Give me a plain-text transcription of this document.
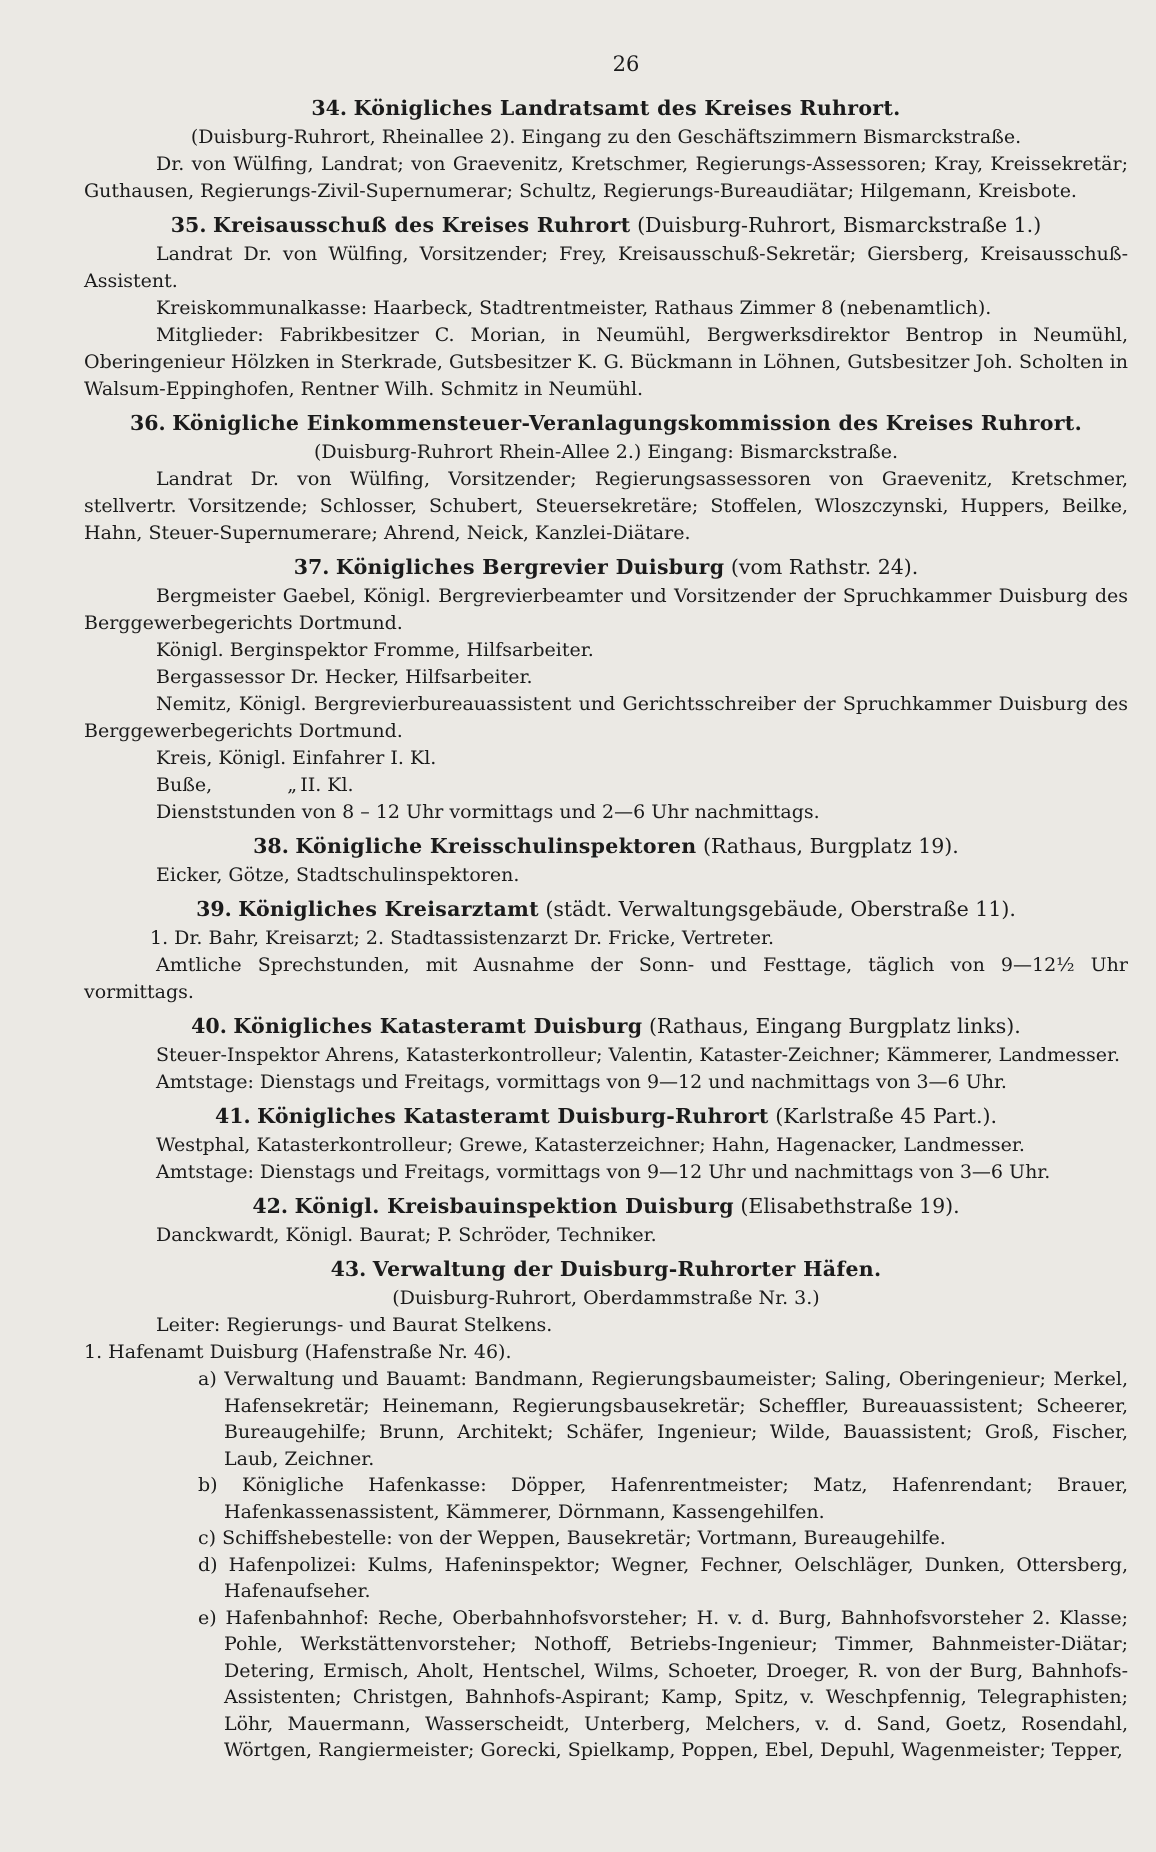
26
34. Königliches Landratsamt des Kreises Ruhrort.
(Duisburg-Ruhrort, Rheinallee 2). Eingang zu den Geschäftszimmern Bismarckstraße.

Dr. von Wülfing, Landrat; von Graevenitz, Kretschmer, Regierungs-Assessoren; Kray, Kreissekretär; Guthausen, Regierungs-Zivil-Supernumerar; Schultz, Regierungs-Bureaudiätar; Hilgemann, Kreisbote.

35. Kreisausschuß des Kreises Ruhrort (Duisburg-Ruhrort, Bismarckstraße 1.)

Landrat Dr. von Wülfing, Vorsitzender; Frey, Kreisausschuß-Sekretär; Giersberg, Kreisausschuß-Assistent.

Kreiskommunalkasse: Haarbeck, Stadtrentmeister, Rathaus Zimmer 8 (nebenamtlich).

Mitglieder: Fabrikbesitzer C. Morian, in Neumühl, Bergwerksdirektor Bentrop in Neumühl, Oberingenieur Hölzken in Sterkrade, Gutsbesitzer K. G. Bückmann in Löhnen, Gutsbesitzer Joh. Scholten in Walsum-Eppinghofen, Rentner Wilh. Schmitz in Neumühl.

36. Königliche Einkommensteuer-Veranlagungskommission des Kreises Ruhrort.
(Duisburg-Ruhrort Rhein-Allee 2.) Eingang: Bismarckstraße.

Landrat Dr. von Wülfing, Vorsitzender; Regierungsassessoren von Graevenitz, Kretschmer, stellvertr. Vorsitzende; Schlosser, Schubert, Steuersekretäre; Stoffelen, Wloszczynski, Huppers, Beilke, Hahn, Steuer-Supernumerare; Ahrend, Neick, Kanzlei-Diätare.

37. Königliches Bergrevier Duisburg (vom Rathstr. 24).

Bergmeister Gaebel, Königl. Bergrevierbeamter und Vorsitzender der Spruchkammer Duisburg des Berggewerbegerichts Dortmund.

Königl. Berginspektor Fromme, Hilfsarbeiter.

Bergassessor Dr. Hecker, Hilfsarbeiter.

Nemitz, Königl. Bergrevierbureauassistent und Gerichtsschreiber der Spruchkammer Duisburg des Berggewerbegerichts Dortmund.

Kreis, Königl. Einfahrer I. Kl.

Buße,	„ II. Kl.

Dienststunden von 8 – 12 Uhr vormittags und 2—6 Uhr nachmittags.

38. Königliche Kreisschulinspektoren (Rathaus, Burgplatz 19).

Eicker, Götze, Stadtschulinspektoren.

39. Königliches Kreisarztamt (städt. Verwaltungsgebäude, Oberstraße 11).

1. Dr. Bahr, Kreisarzt; 2. Stadtassistenzarzt Dr. Fricke, Vertreter.

Amtliche Sprechstunden, mit Ausnahme der Sonn- und Festtage, täglich von 9—12½ Uhr vormittags.

40. Königliches Katasteramt Duisburg (Rathaus, Eingang Burgplatz links).

Steuer-Inspektor Ahrens, Katasterkontrolleur; Valentin, Kataster-Zeichner; Kämmerer, Landmesser.

Amtstage: Dienstags und Freitags, vormittags von 9—12 und nachmittags von 3—6 Uhr.

41. Königliches Katasteramt Duisburg-Ruhrort (Karlstraße 45 Part.).

Westphal, Katasterkontrolleur; Grewe, Katasterzeichner; Hahn, Hagenacker, Landmesser.

Amtstage: Dienstags und Freitags, vormittags von 9—12 Uhr und nachmittags von 3—6 Uhr.

42. Königl. Kreisbauinspektion Duisburg (Elisabethstraße 19).

Danckwardt, Königl. Baurat; P. Schröder, Techniker.

43. Verwaltung der Duisburg-Ruhrorter Häfen.
(Duisburg-Ruhrort, Oberdammstraße Nr. 3.)

Leiter: Regierungs- und Baurat Stelkens.

1. Hafenamt Duisburg (Hafenstraße Nr. 46).

a) Verwaltung und Bauamt: Bandmann, Regierungsbaumeister; Saling, Oberingenieur; Merkel, Hafensekretär; Heinemann, Regierungsbausekretär; Scheffler, Bureauassistent; Scheerer, Bureaugehilfe; Brunn, Architekt; Schäfer, Ingenieur; Wilde, Bauassistent; Groß, Fischer, Laub, Zeichner.

b) Königliche Hafenkasse: Döpper, Hafenrentmeister; Matz, Hafenrendant; Brauer, Hafenkassenassistent, Kämmerer, Dörnmann, Kassengehilfen.

c) Schiffshebestelle: von der Weppen, Bausekretär; Vortmann, Bureaugehilfe.

d) Hafenpolizei: Kulms, Hafeninspektor; Wegner, Fechner, Oelschläger, Dunken, Ottersberg, Hafenaufseher.

e) Hafenbahnhof: Reche, Oberbahnhofsvorsteher; H. v. d. Burg, Bahnhofsvorsteher 2. Klasse; Pohle, Werkstättenvorsteher; Nothoff, Betriebs-Ingenieur; Timmer, Bahnmeister-Diätar; Detering, Ermisch, Aholt, Hentschel, Wilms, Schoeter, Droeger, R. von der Burg, Bahnhofs-Assistenten; Christgen, Bahnhofs-Aspirant; Kamp, Spitz, v. Weschpfennig, Telegraphisten; Löhr, Mauermann, Wasserscheidt, Unterberg, Melchers, v. d. Sand, Goetz, Rosendahl, Wörtgen, Rangiermeister; Gorecki, Spielkamp, Poppen, Ebel, Depuhl, Wagenmeister; Tepper,
